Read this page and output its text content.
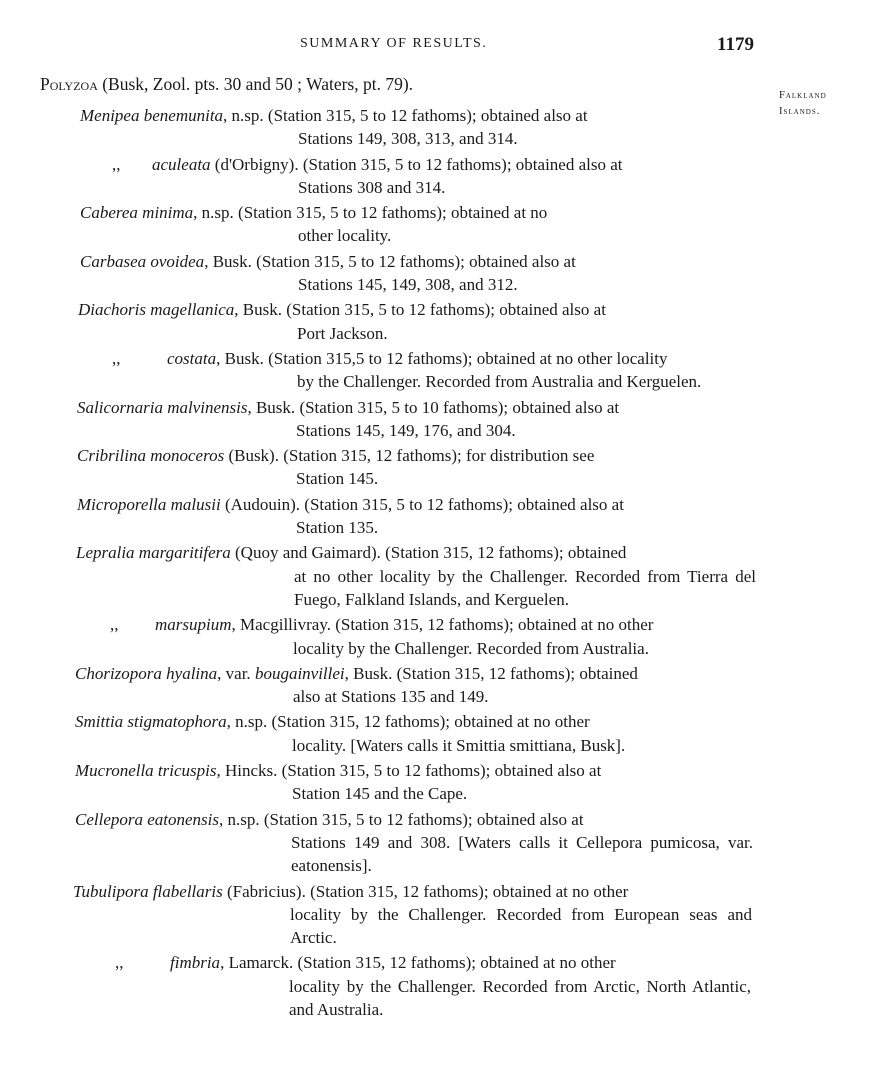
SUMMARY OF RESULTS.	1179
Falkland
Islands.
Polyzoa (Busk, Zool. pts. 30 and 50 ; Waters, pt. 79).
Menipea benemunita, n.sp. (Station 315, 5 to 12 fathoms); obtained also at
Stations 149, 308, 313, and 314.
,, aculeata (d'Orbigny). (Station 315, 5 to 12 fathoms); obtained also at
Stations 308 and 314.
Caberea minima, n.sp. (Station 315, 5 to 12 fathoms); obtained at no
other locality.
Carbasea ovoidea, Busk. (Station 315, 5 to 12 fathoms); obtained also at
Stations 145, 149, 308, and 312.
Diachoris magellanica, Busk. (Station 315, 5 to 12 fathoms); obtained also at
Port Jackson.
,,	costata, Busk. (Station 315,5 to 12 fathoms); obtained at no other locality
by the Challenger. Recorded from Australia and Kerguelen.
Salicornaria malvinensis, Busk. (Station 315, 5 to 10 fathoms); obtained also at
Stations 145, 149, 176, and 304.
Cribrilina monoceros (Busk). (Station 315, 12 fathoms); for distribution see
Station 145.
Microporella malusii (Audouin). (Station 315, 5 to 12 fathoms); obtained also at
Station 135.
Lepralia margaritifera (Quoy and Gaimard). (Station 315, 12 fathoms); obtained
at no other locality by the Challenger. Recorded from Tierra del Fuego, Falkland Islands, and Kerguelen.
,, marsupium, Macgillivray. (Station 315, 12 fathoms); obtained at no other
locality by the Challenger. Recorded from Australia.
Chorizopora hyalina, var. bougainvillei, Busk. (Station 315, 12 fathoms); obtained
also at Stations 135 and 149.
Smittia stigmatophora, n.sp. (Station 315, 12 fathoms); obtained at no other
locality. [Waters calls it Smittia smittiana, Busk].
Mucronella tricuspis, Hincks. (Station 315, 5 to 12 fathoms); obtained also at
Station 145 and the Cape.
Cellepora eatonensis, n.sp. (Station 315, 5 to 12 fathoms); obtained also at
Stations 149 and 308. [Waters calls it Cellepora pumicosa, var. eatonensis].
Tubulipora flabellaris (Fabricius). (Station 315, 12 fathoms); obtained at no other
locality by the Challenger. Recorded from European seas and Arctic.
,,	fimbria, Lamarck. (Station 315, 12 fathoms); obtained at no other
locality by the Challenger. Recorded from Arctic, North Atlantic, and Australia.
